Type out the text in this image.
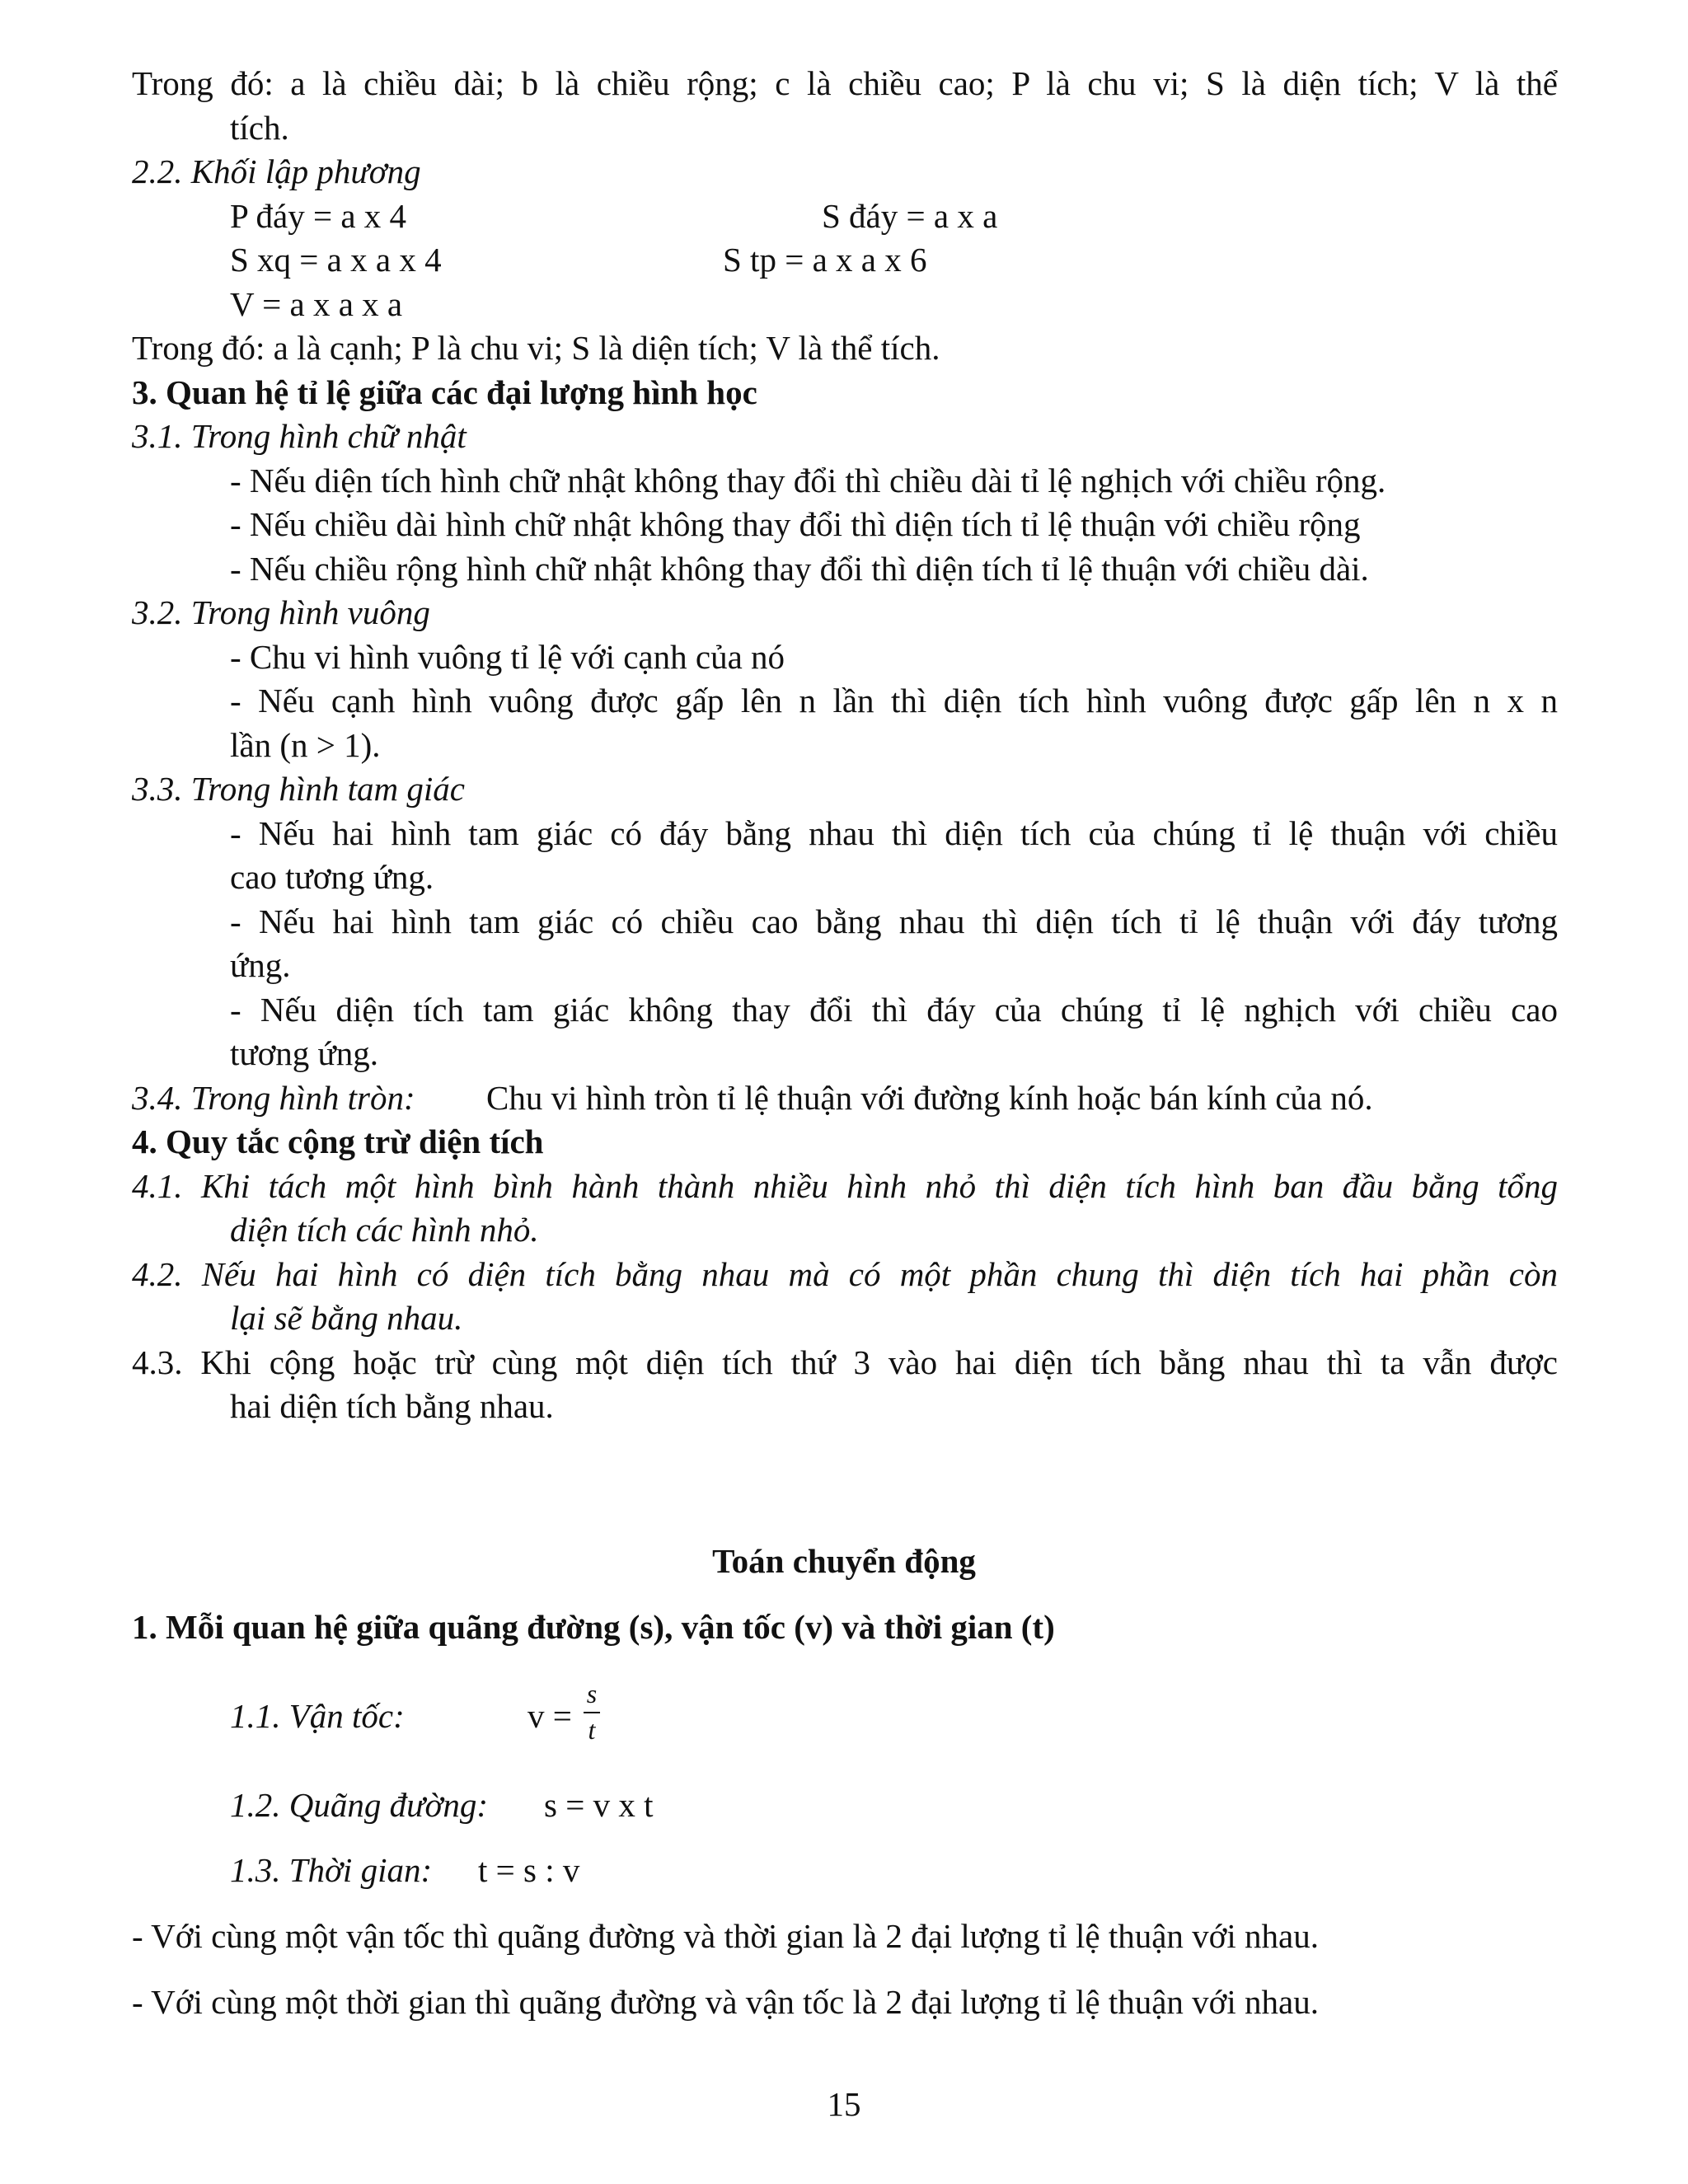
Trong đó: a là chiều dài; b là chiều rộng; c là chiều cao; P là chu vi; S là diện tích; V là thể
tích.
2.2. Khối lập phương
P đáy = a x 4	S đáy = a x a
S xq = a x a x 4	S tp = a x a x 6
V = a x a x a
Trong đó: a là cạnh; P là chu vi; S là diện tích; V là thể tích.
3. Quan hệ tỉ lệ giữa các đại lượng hình học
3.1. Trong hình chữ nhật
- Nếu diện tích hình chữ nhật không thay đổi thì chiều dài tỉ lệ nghịch với chiều rộng.
- Nếu chiều dài hình chữ nhật không thay đổi thì diện tích tỉ lệ thuận với chiều rộng
- Nếu chiều rộng hình chữ nhật không thay đổi thì diện tích tỉ lệ thuận với chiều dài.
3.2. Trong hình vuông
- Chu vi hình vuông tỉ lệ với cạnh của nó
- Nếu cạnh hình vuông được gấp lên n lần thì diện tích hình vuông được gấp lên n x n
lần (n > 1).
3.3. Trong hình tam giác
- Nếu hai hình tam giác có đáy bằng nhau thì diện tích của chúng tỉ lệ thuận với chiều
cao tương ứng.
- Nếu hai hình tam giác có chiều cao bằng nhau thì diện tích tỉ lệ thuận với đáy tương
ứng.
- Nếu diện tích tam giác không thay đổi thì đáy của chúng tỉ lệ nghịch với chiều cao
tương ứng.
3.4. Trong hình tròn: Chu vi hình tròn tỉ lệ thuận với đường kính hoặc bán kính của nó.
4. Quy tắc cộng trừ diện tích
4.1. Khi tách một hình bình hành thành nhiều hình nhỏ thì diện tích hình ban đầu bằng tổng
diện tích các hình nhỏ.
4.2. Nếu hai hình có diện tích bằng nhau mà có một phần chung thì diện tích hai phần còn
lại sẽ bằng nhau.
4.3. Khi cộng hoặc trừ cùng một diện tích thứ 3 vào hai diện tích bằng nhau thì ta vẫn được
hai diện tích bằng nhau.
Toán chuyển động
1. Mỗi quan hệ giữa quãng đường (s), vận tốc (v) và thời gian (t)
1.1. Vận tốc:	v =
s
t
1.2. Quãng đường: s = v x t
1.3. Thời gian: t = s : v
- Với cùng một vận tốc thì quãng đường và thời gian là 2 đại lượng tỉ lệ thuận với nhau.
- Với cùng một thời gian thì quãng đường và vận tốc là 2 đại lượng tỉ lệ thuận với nhau.
15
